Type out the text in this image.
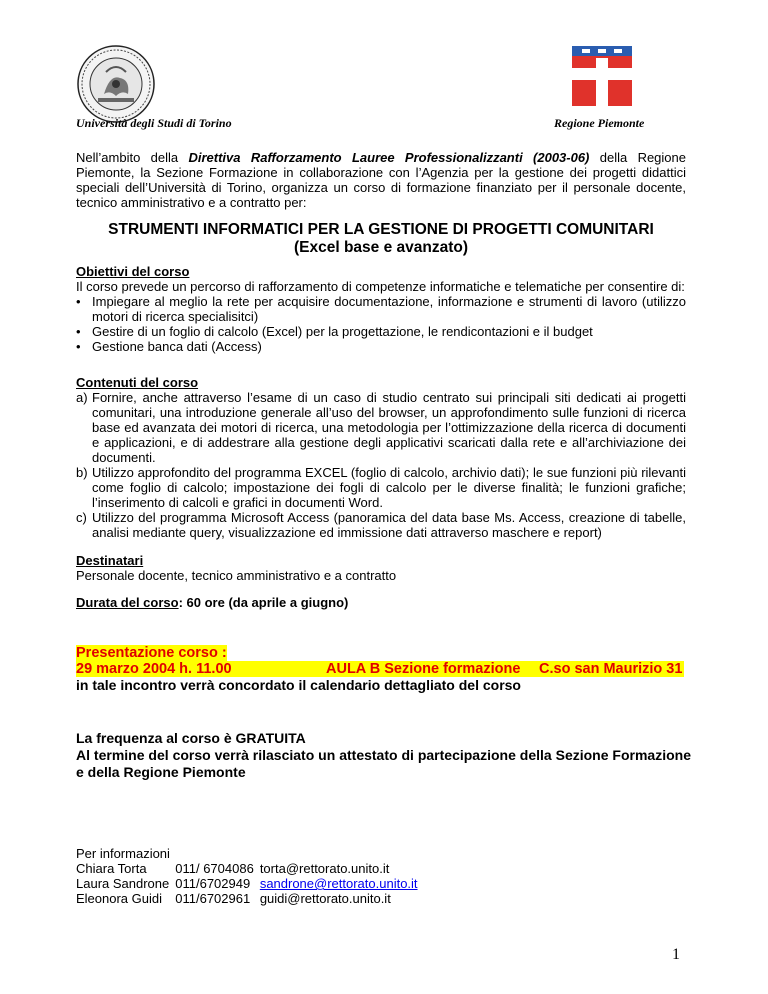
Università degli Studi di Torino	Regione Piemonte
Nell’ambito della Direttiva Rafforzamento Lauree Professionalizzanti (2003-06) della Regione Piemonte, la Sezione Formazione in collaborazione con l’Agenzia per la gestione dei progetti didattici speciali dell’Università di Torino, organizza un corso di formazione finanziato per il personale docente, tecnico amministrativo e a contratto per:
STRUMENTI INFORMATICI PER LA GESTIONE DI PROGETTI COMUNITARI
(Excel base e avanzato)
Obiettivi del corso
Il corso prevede un percorso di rafforzamento di competenze informatiche e telematiche per consentire di:
• Impiegare al meglio la rete per acquisire documentazione, informazione e strumenti di lavoro (utilizzo motori di ricerca specialisitci)
• Gestire di un foglio di calcolo (Excel) per la progettazione, le rendicontazioni e il budget
• Gestione banca dati (Access)
Contenuti del corso
a) Fornire, anche attraverso l’esame di un caso di studio centrato sui principali siti dedicati ai progetti comunitari, una introduzione generale all’uso del browser, un approfondimento sulle funzioni di ricerca base ed avanzata dei motori di ricerca, una metodologia per l’ottimizzazione della ricerca di documenti e applicazioni, e di addestrare alla gestione degli applicativi scaricati dalla rete e all’archiviazione dei documenti.
b) Utilizzo approfondito del programma EXCEL (foglio di calcolo, archivio dati); le sue funzioni più rilevanti come foglio di calcolo; impostazione dei fogli di calcolo per le diverse finalità; le funzioni grafiche; l’inserimento di calcoli e grafici in documenti Word.
c) Utilizzo del programma Microsoft Access (panoramica del data base Ms. Access, creazione di tabelle, analisi mediante query, visualizzazione ed immissione dati attraverso maschere e report)
Destinatari
Personale docente, tecnico amministrativo e a contratto
Durata del corso: 60 ore (da aprile a giugno)
Presentazione corso :
29 marzo 2004 h. 11.00	AULA B Sezione formazione C.so san Maurizio 31
in tale incontro verrà concordato il calendario dettagliato del corso
La frequenza al corso è GRATUITA
Al termine del corso verrà rilasciato un attestato di partecipazione della Sezione Formazione e della Regione Piemonte
Per informazioni
Chiara Torta	011/ 6704086	torta@rettorato.unito.it
Laura Sandrone	011/6702949	sandrone@rettorato.unito.it
Eleonora Guidi	011/6702961	guidi@rettorato.unito.it
1
